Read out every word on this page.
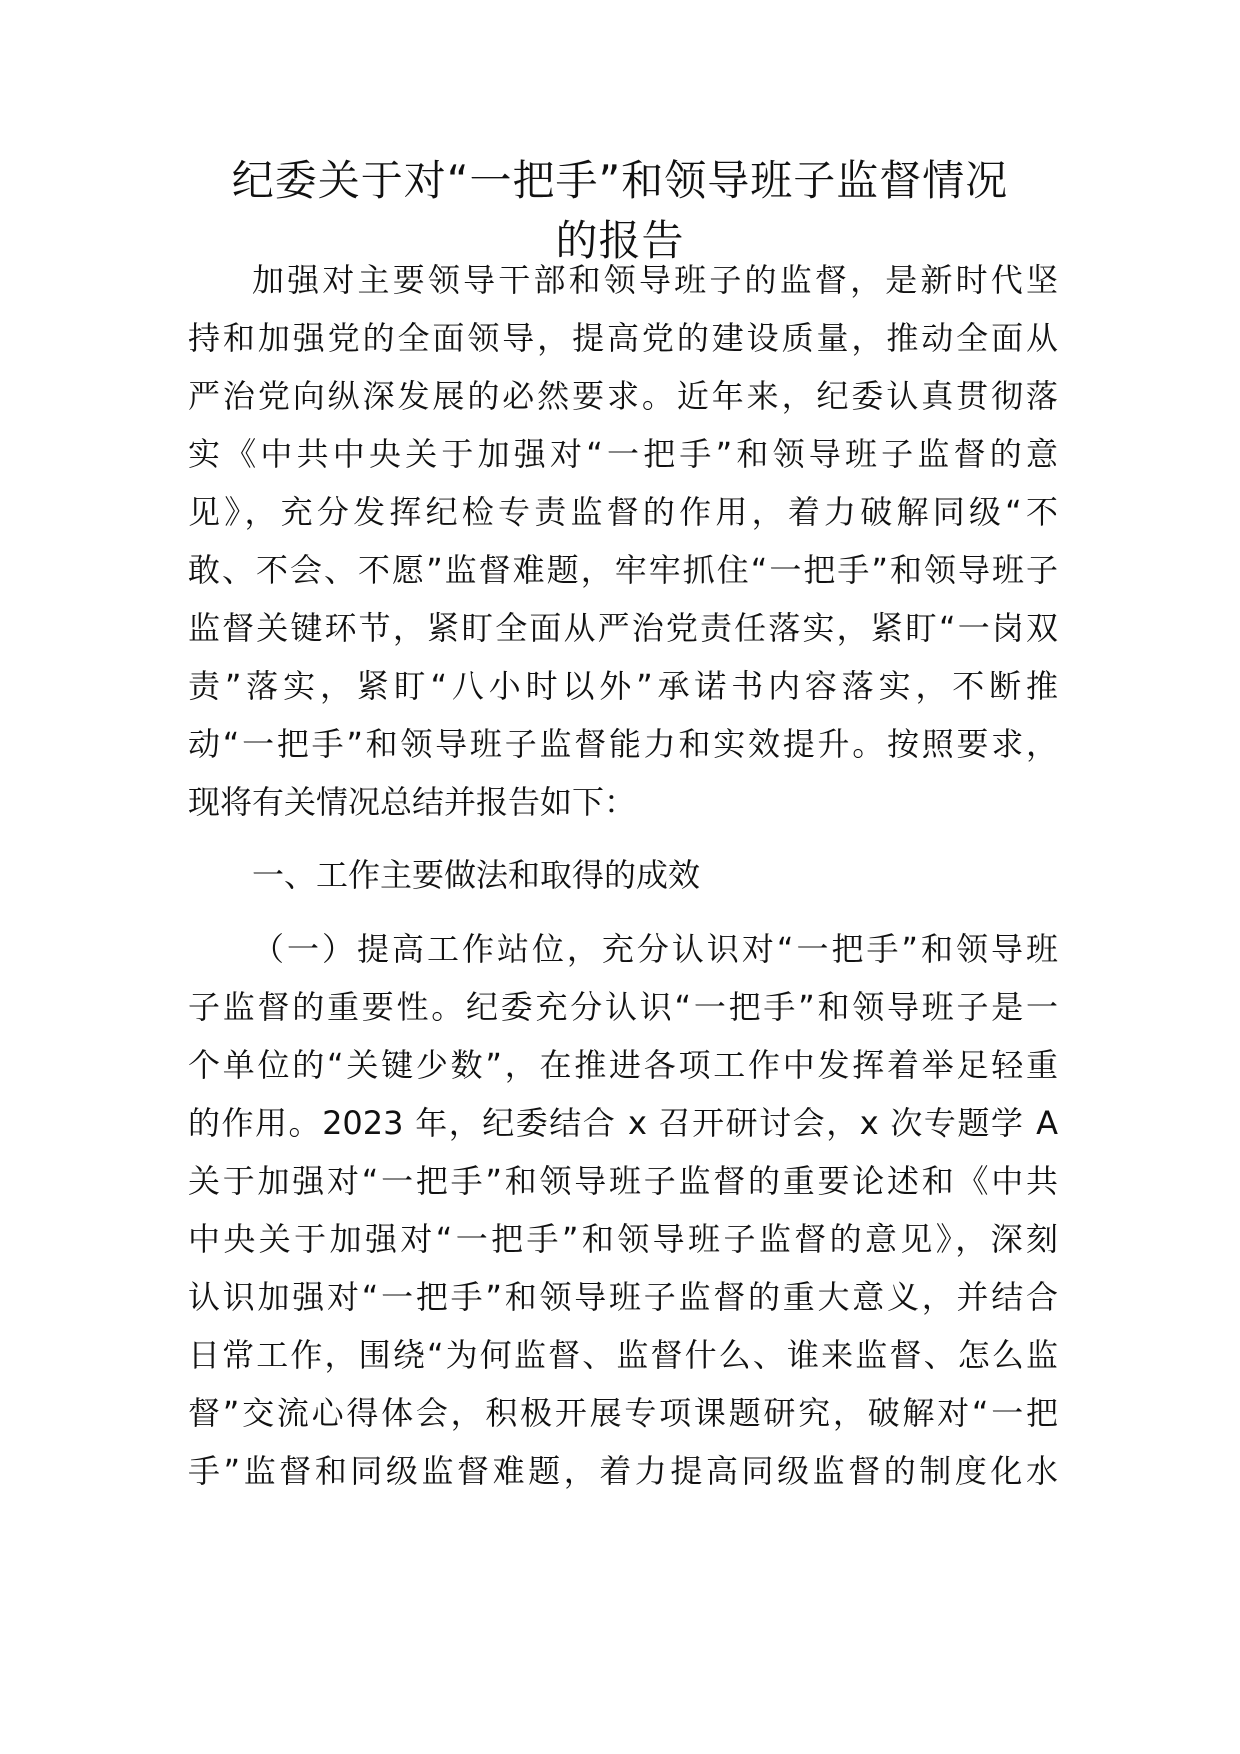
纪委关于对“一把手”和领导班子监督情况
的报告
加强对主要领导干部和领导班子的监督，是新时代坚
持和加强党的全面领导，提高党的建设质量，推动全面从
严治党向纵深发展的必然要求。近年来，纪委认真贯彻落
实《中共中央关于加强对“一把手”和领导班子监督的意
见》，充分发挥纪检专责监督的作用，着力破解同级“不
敢、不会、不愿”监督难题，牢牢抓住“一把手”和领导班子
监督关键环节，紧盯全面从严治党责任落实，紧盯“一岗双
责”落实，紧盯“八小时以外”承诺书内容落实，不断推
动“一把手”和领导班子监督能力和实效提升。按照要求，
现将有关情况总结并报告如下：
一、工作主要做法和取得的成效
（一）提高工作站位，充分认识对“一把手”和领导班
子监督的重要性。纪委充分认识“一把手”和领导班子是一
个单位的“关键少数”，在推进各项工作中发挥着举足轻重
的作用。2023 年，纪委结合 x 召开研讨会，x 次专题学 A
关于加强对“一把手”和领导班子监督的重要论述和《中共
中央关于加强对“一把手”和领导班子监督的意见》，深刻
认识加强对“一把手”和领导班子监督的重大意义，并结合
日常工作，围绕“为何监督、监督什么、谁来监督、怎么监
督”交流心得体会，积极开展专项课题研究，破解对“一把
手”监督和同级监督难题，着力提高同级监督的制度化水
